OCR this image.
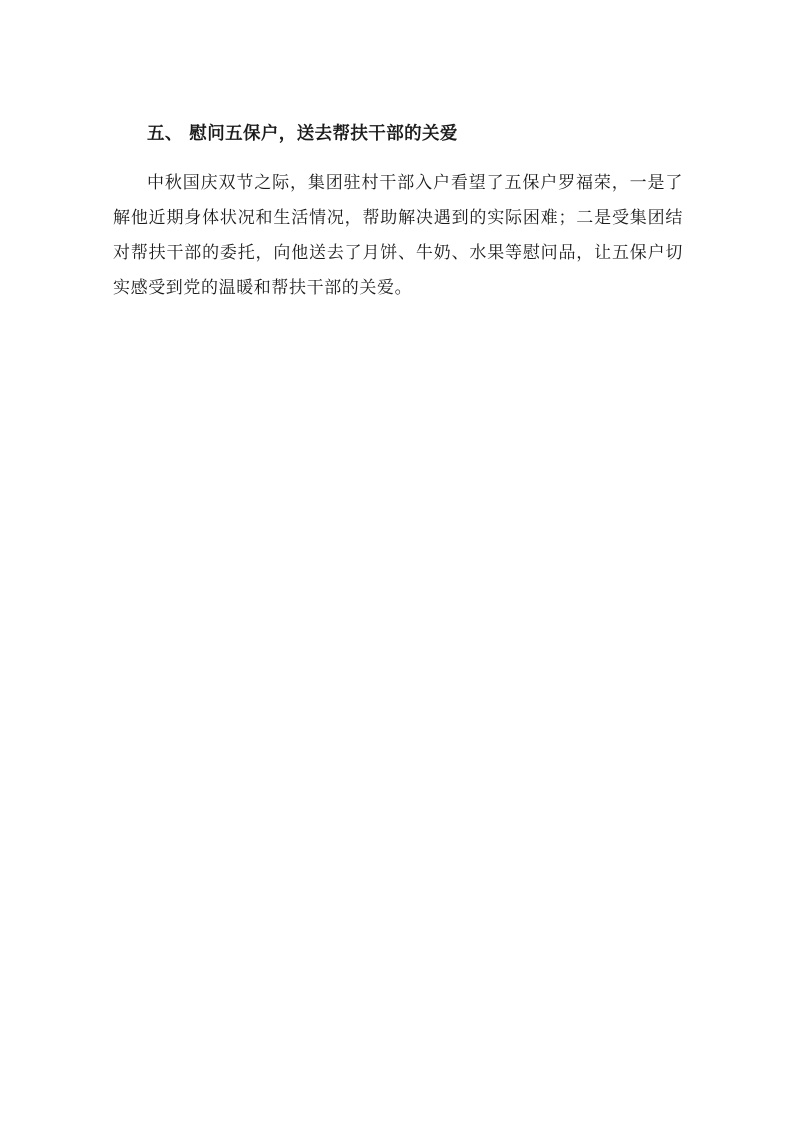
五、 慰问五保户，送去帮扶干部的关爱

中秋国庆双节之际，集团驻村干部入户看望了五保户罗福荣，一是了解他近期身体状况和生活情况，帮助解决遇到的实际困难；二是受集团结对帮扶干部的委托，向他送去了月饼、牛奶、水果等慰问品，让五保户切实感受到党的温暖和帮扶干部的关爱。
